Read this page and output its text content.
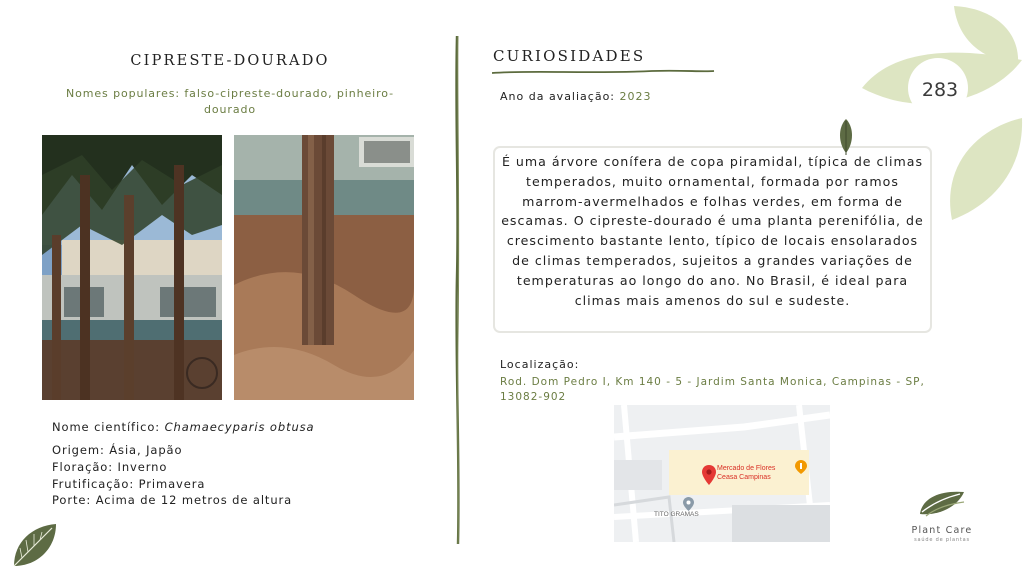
CIPRESTE-DOURADO
Nomes populares: falso-cipreste-dourado, pinheiro-dourado
Nome científico: Chamaecyparis obtusa
Origem: Ásia, Japão
Floração: Inverno
Frutificação: Primavera
Porte: Acima de 12 metros de altura
CURIOSIDADES
Ano da avaliação: 2023
É uma árvore conífera de copa piramidal, típica de climas temperados, muito ornamental, formada por ramos marrom-avermelhados e folhas verdes, em forma de escamas. O cipreste-dourado é uma planta perenifólia, de crescimento bastante lento, típico de locais ensolarados de climas temperados, sujeitos a grandes variações de temperaturas ao longo do ano. No Brasil, é ideal para climas mais amenos do sul e sudeste.
Localização:
Rod. Dom Pedro I, Km 140 - 5 - Jardim Santa Monica, Campinas - SP, 13082-902
Mercado de Flores
Ceasa Campinas
TITO GRAMAS
283
Plant Care
saúde de plantas
